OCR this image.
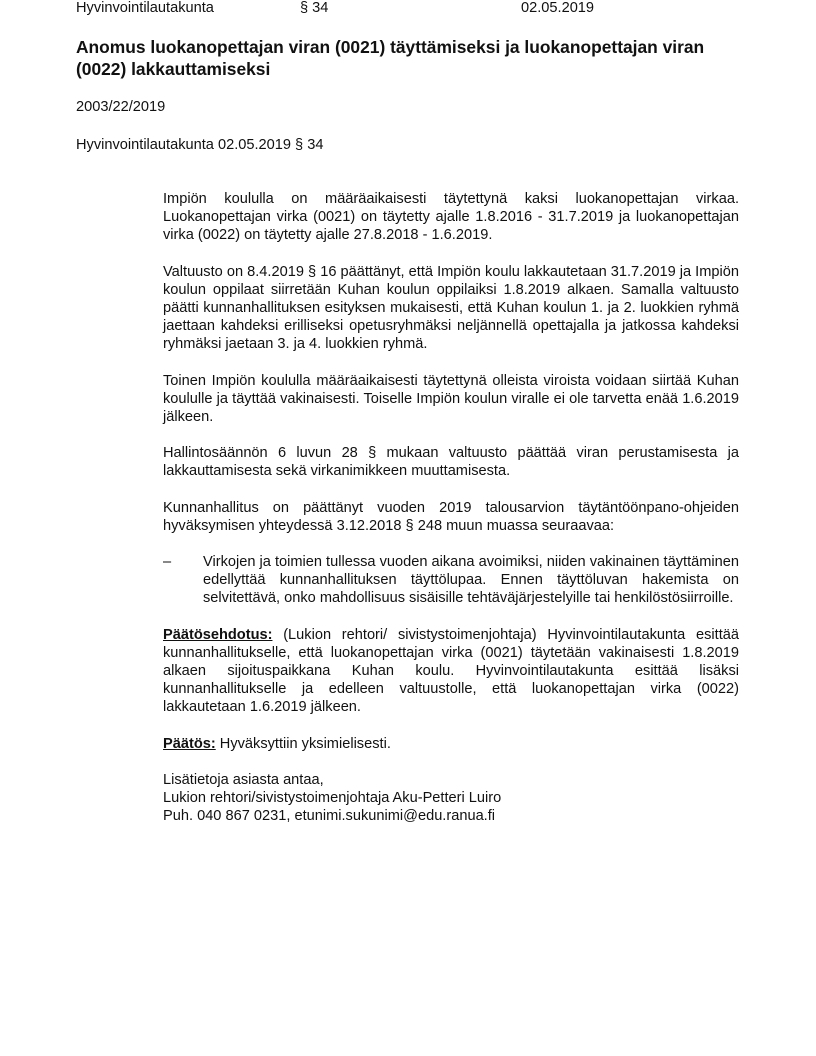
Hyvinvointilautakunta	§ 34	02.05.2019
Anomus luokanopettajan viran (0021) täyttämiseksi ja luokanopettajan viran (0022) lakkauttamiseksi
2003/22/2019
Hyvinvointilautakunta 02.05.2019 § 34

Impiön koululla on määräaikaisesti täytettynä kaksi luokanopettajan virkaa. Luokanopettajan virka (0021) on täytetty ajalle 1.8.2016 - 31.7.2019 ja luokanopettajan virka (0022) on täytetty ajalle 27.8.2018 - 1.6.2019.

Valtuusto on 8.4.2019 § 16 päättänyt, että Impiön koulu lakkautetaan 31.7.2019 ja Impiön koulun oppilaat siirretään Kuhan koulun oppilaiksi 1.8.2019 alkaen. Samalla valtuusto päätti kunnanhallituksen esityksen mukaisesti, että Kuhan koulun 1. ja 2. luokkien ryhmä jaettaan kahdeksi erilliseksi opetusryhmäksi neljännellä opettajalla ja jatkossa kahdeksi ryhmäksi jaetaan 3. ja 4. luokkien ryhmä.

Toinen Impiön koululla määräaikaisesti täytettynä olleista viroista voidaan siirtää Kuhan koululle ja täyttää vakinaisesti. Toiselle Impiön koulun viralle ei ole tarvetta enää 1.6.2019 jälkeen.

Hallintosäännön 6 luvun 28 § mukaan valtuusto päättää viran perustamisesta ja lakkauttamisesta sekä virkanimikkeen muuttamisesta.

Kunnanhallitus on päättänyt vuoden 2019 talousarvion täytäntöönpano-ohjeiden hyväksymisen yhteydessä 3.12.2018 § 248 muun muassa seuraavaa:

– Virkojen ja toimien tullessa vuoden aikana avoimiksi, niiden vakinainen täyttäminen edellyttää kunnanhallituksen täyttölupaa. Ennen täyttöluvan hakemista on selvitettävä, onko mahdollisuus sisäisille tehtäväjärjestelyille tai henkilöstösiirroille.

Päätösehdotus: (Lukion rehtori/ sivistystoimenjohtaja) Hyvinvointilautakunta esittää kunnanhallitukselle, että luokanopettajan virka (0021) täytetään vakinaisesti 1.8.2019 alkaen sijoituspaikkana Kuhan koulu. Hyvinvointilautakunta esittää lisäksi kunnanhallitukselle ja edelleen valtuustolle, että luokanopettajan virka (0022) lakkautetaan 1.6.2019 jälkeen.

Päätös: Hyväksyttiin yksimielisesti.

Lisätietoja asiasta antaa,

Lukion rehtori/sivistystoimenjohtaja Aku-Petteri Luiro

Puh. 040 867 0231, etunimi.sukunimi@edu.ranua.fi
